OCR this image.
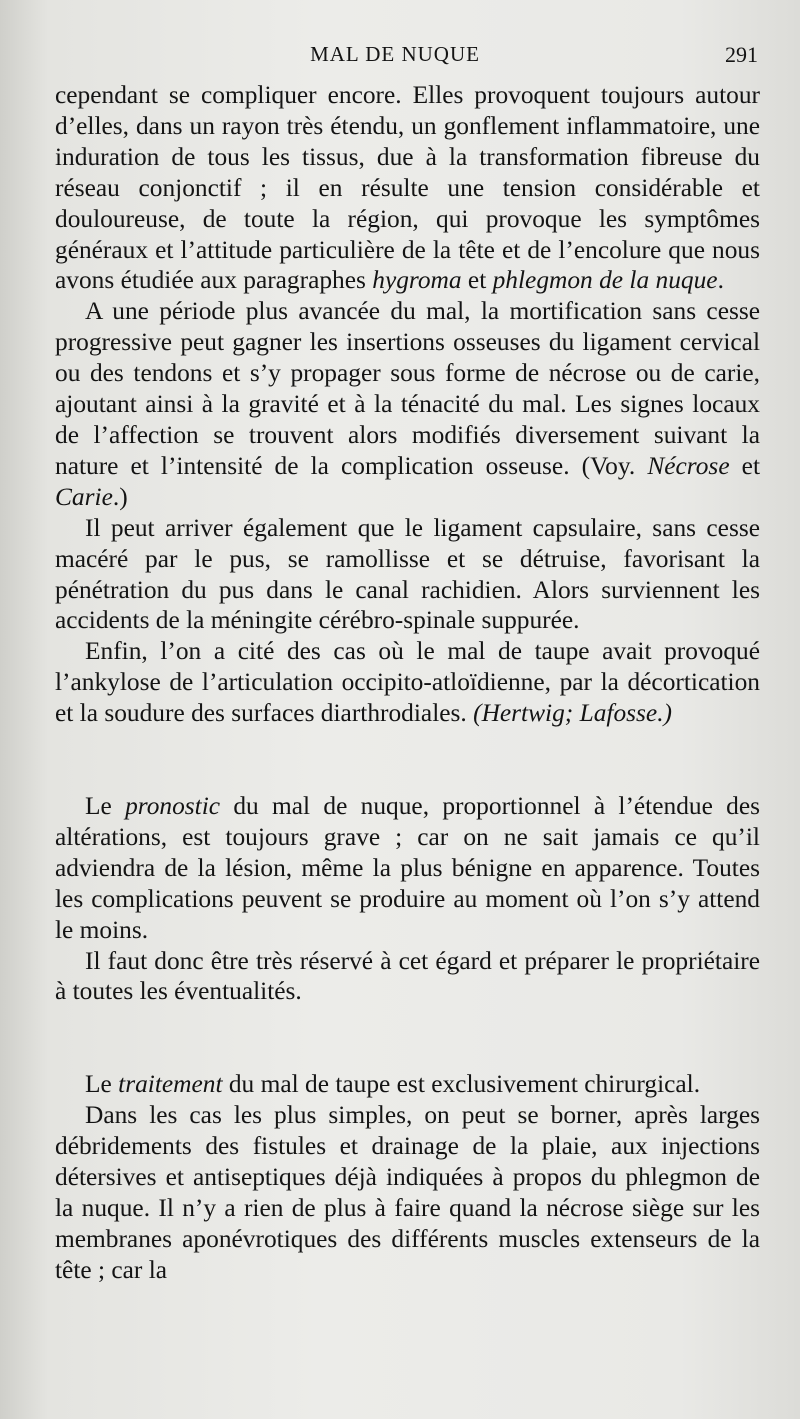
MAL DE NUQUE	291

cependant se compliquer encore. Elles provoquent toujours autour d’elles, dans un rayon très étendu, un gonflement inflammatoire, une induration de tous les tissus, due à la transformation fibreuse du réseau conjonctif ; il en résulte une tension considérable et douloureuse, de toute la région, qui provoque les symptômes généraux et l’attitude particulière de la tête et de l’encolure que nous avons étudiée aux paragraphes hygroma et phlegmon de la nuque.

A une période plus avancée du mal, la mortification sans cesse progressive peut gagner les insertions osseuses du ligament cervical ou des tendons et s’y propager sous forme de nécrose ou de carie, ajoutant ainsi à la gravité et à la ténacité du mal. Les signes locaux de l’affection se trouvent alors modifiés diversement suivant la nature et l’intensité de la complication osseuse. (Voy. Nécrose et Carie.)

Il peut arriver également que le ligament capsulaire, sans cesse macéré par le pus, se ramollisse et se détruise, favorisant la pénétration du pus dans le canal rachidien. Alors surviennent les accidents de la méningite cérébro-spinale suppurée.

Enfin, l’on a cité des cas où le mal de taupe avait provoqué l’ankylose de l’articulation occipito-atloïdienne, par la décortication et la soudure des surfaces diarthrodiales. (Hertwig; Lafosse.)

Le pronostic du mal de nuque, proportionnel à l’étendue des altérations, est toujours grave ; car on ne sait jamais ce qu’il adviendra de la lésion, même la plus bénigne en apparence. Toutes les complications peuvent se produire au moment où l’on s’y attend le moins.

Il faut donc être très réservé à cet égard et préparer le propriétaire à toutes les éventualités.

Le traitement du mal de taupe est exclusivement chirurgical.

Dans les cas les plus simples, on peut se borner, après larges débridements des fistules et drainage de la plaie, aux injections détersives et antiseptiques déjà indiquées à propos du phlegmon de la nuque. Il n’y a rien de plus à faire quand la nécrose siège sur les membranes aponévrotiques des différents muscles extenseurs de la tête ; car la
